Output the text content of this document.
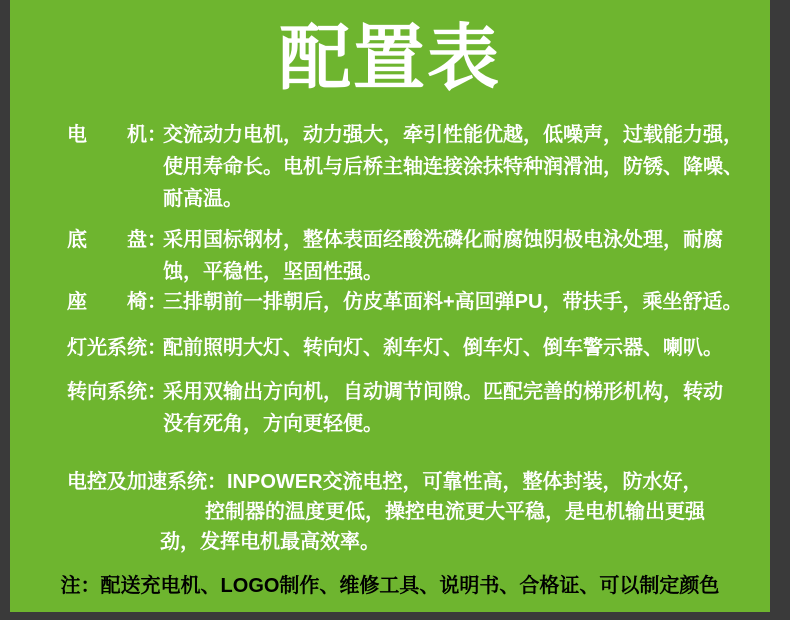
配置表
电　　机：
交流动力电机，动力强大，牵引性能优越，低噪声，过载能力强，
使用寿命长。电机与后桥主轴连接涂抹特种润滑油，防锈、降噪、
耐高温。
底　　盘：
采用国标钢材，整体表面经酸洗磷化耐腐蚀阴极电泳处理，耐腐
蚀，平稳性，坚固性强。
座　　椅：
三排朝前一排朝后，仿皮革面料+高回弹PU，带扶手，乘坐舒适。
灯光系统：
配前照明大灯、转向灯、刹车灯、倒车灯、倒车警示器、喇叭。
转向系统：
采用双输出方向机，自动调节间隙。匹配完善的梯形机构，转动
没有死角，方向更轻便。
电控及加速系统： INPOWER交流电控，可靠性高，整体封装，防水好，
控制器的温度更低，操控电流更大平稳，是电机输出更强
劲，发挥电机最高效率。
注：配送充电机、LOGO制作、维修工具、说明书、合格证、可以制定颜色
